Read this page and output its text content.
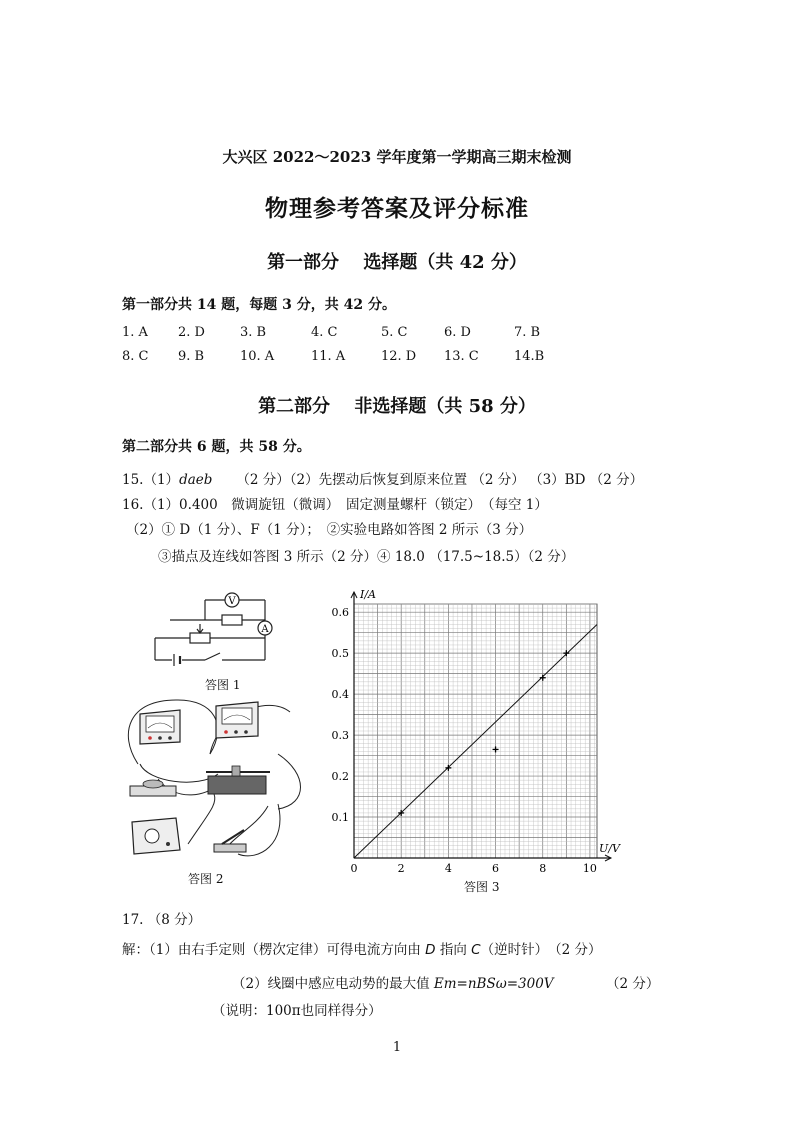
大兴区 2022～2023 学年度第一学期高三期末检测
物理参考答案及评分标准
第一部分　 选择题（共 42 分）
第一部分共 14 题，每题 3 分，共 42 分。
1. A 2. D	3. B	4. C	5. C	6. D	7. B
8. C 9. B	10. A	11. A	12. D 13. C	14.B
第二部分　 非选择题（共 58 分）
第二部分共 6 题，共 58 分。
15.（1）daeb （2 分）（2）先摆动后恢复到原来位置 （2 分） （3）BD （2 分）
16.（1）0.400　微调旋钮（微调）　固定测量螺杆（锁定）　（每空 1）
（2）① D（1 分）、F（1 分）；　②实验电路如答图 2 所示（3 分）
③描点及连线如答图 3 所示（2 分）④ 18.0 （17.5~18.5）（2 分）
V
A
答图 1
答图 2
0	2	4	6	8	10
0.1
0.2
0.3
0.4
0.5
0.6
U/V
I/A
答图 3
17. （8 分）
解：（1）由右手定则（楞次定律）可得电流方向由 D 指向 C（逆时针）　（2 分）
（2）线圈中感应电动势的最大值 Em=nBSω=300V	（2 分）
（说明：100π也同样得分）
1
